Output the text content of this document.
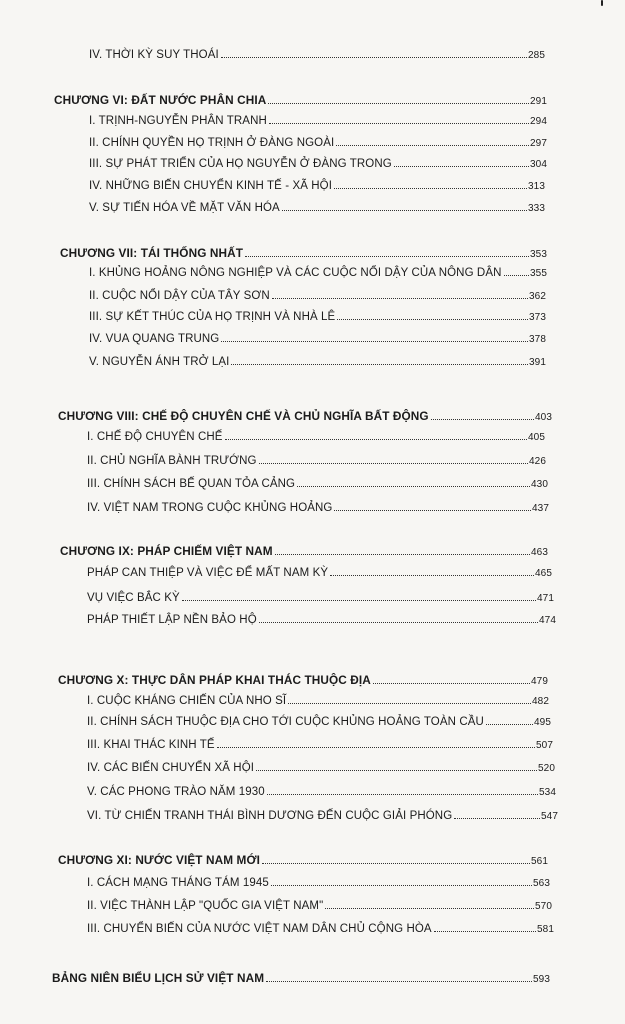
IV. THỜI KỲ SUY THOÁI	285
CHƯƠNG VI: ĐẤT NƯỚC PHÂN CHIA	291
I. TRỊNH-NGUYỄN PHÂN TRANH	294
II. CHÍNH QUYỀN HỌ TRỊNH Ở ĐÀNG NGOÀI	297
III. SỰ PHÁT TRIỂN CỦA HỌ NGUYỄN Ở ĐÀNG TRONG	304
IV. NHỮNG BIẾN CHUYỂN KINH TẾ - XÃ HỘI	313
V. SỰ TIẾN HÓA VỀ MẶT VĂN HÓA	333
CHƯƠNG VII: TÁI THỐNG NHẤT	353
I. KHỦNG HOẢNG NÔNG NGHIỆP VÀ CÁC CUỘC NỔI DẬY CỦA NÔNG DÂN	355
II. CUỘC NỔI DẬY CỦA TÂY SƠN	362
III. SỰ KẾT THÚC CỦA HỌ TRỊNH VÀ NHÀ LÊ	373
IV. VUA QUANG TRUNG	378
V. NGUYỄN ÁNH TRỞ LẠI	391
CHƯƠNG VIII: CHẾ ĐỘ CHUYÊN CHẾ VÀ CHỦ NGHĨA BẤT ĐỘNG	403
I. CHẾ ĐỘ CHUYÊN CHẾ	405
II. CHỦ NGHĨA BÀNH TRƯỚNG	426
III. CHÍNH SÁCH BẾ QUAN TỎA CẢNG	430
IV. VIỆT NAM TRONG CUỘC KHỦNG HOẢNG	437
CHƯƠNG IX: PHÁP CHIẾM VIỆT NAM	463
PHÁP CAN THIỆP VÀ VIỆC ĐỂ MẤT NAM KỲ	465
VỤ VIỆC BẮC KỲ	471
PHÁP THIẾT LẬP NỀN BẢO HỘ	474
CHƯƠNG X: THỰC DÂN PHÁP KHAI THÁC THUỘC ĐỊA	479
I. CUỘC KHÁNG CHIẾN CỦA NHO SĨ	482
II. CHÍNH SÁCH THUỘC ĐỊA CHO TỚI CUỘC KHỦNG HOẢNG TOÀN CẦU	495
III. KHAI THÁC KINH TẾ	507
IV. CÁC BIẾN CHUYỂN XÃ HỘI	520
V. CÁC PHONG TRÀO NĂM 1930	534
VI. TỪ CHIẾN TRANH THÁI BÌNH DƯƠNG ĐẾN CUỘC GIẢI PHÓNG	547
CHƯƠNG XI: NƯỚC VIỆT NAM MỚI	561
I. CÁCH MẠNG THÁNG TÁM 1945	563
II. VIỆC THÀNH LẬP "QUỐC GIA VIỆT NAM"	570
III. CHUYỂN BIẾN CỦA NƯỚC VIỆT NAM DÂN CHỦ CỘNG HÒA	581
BẢNG NIÊN BIỂU LỊCH SỬ VIỆT NAM	593
